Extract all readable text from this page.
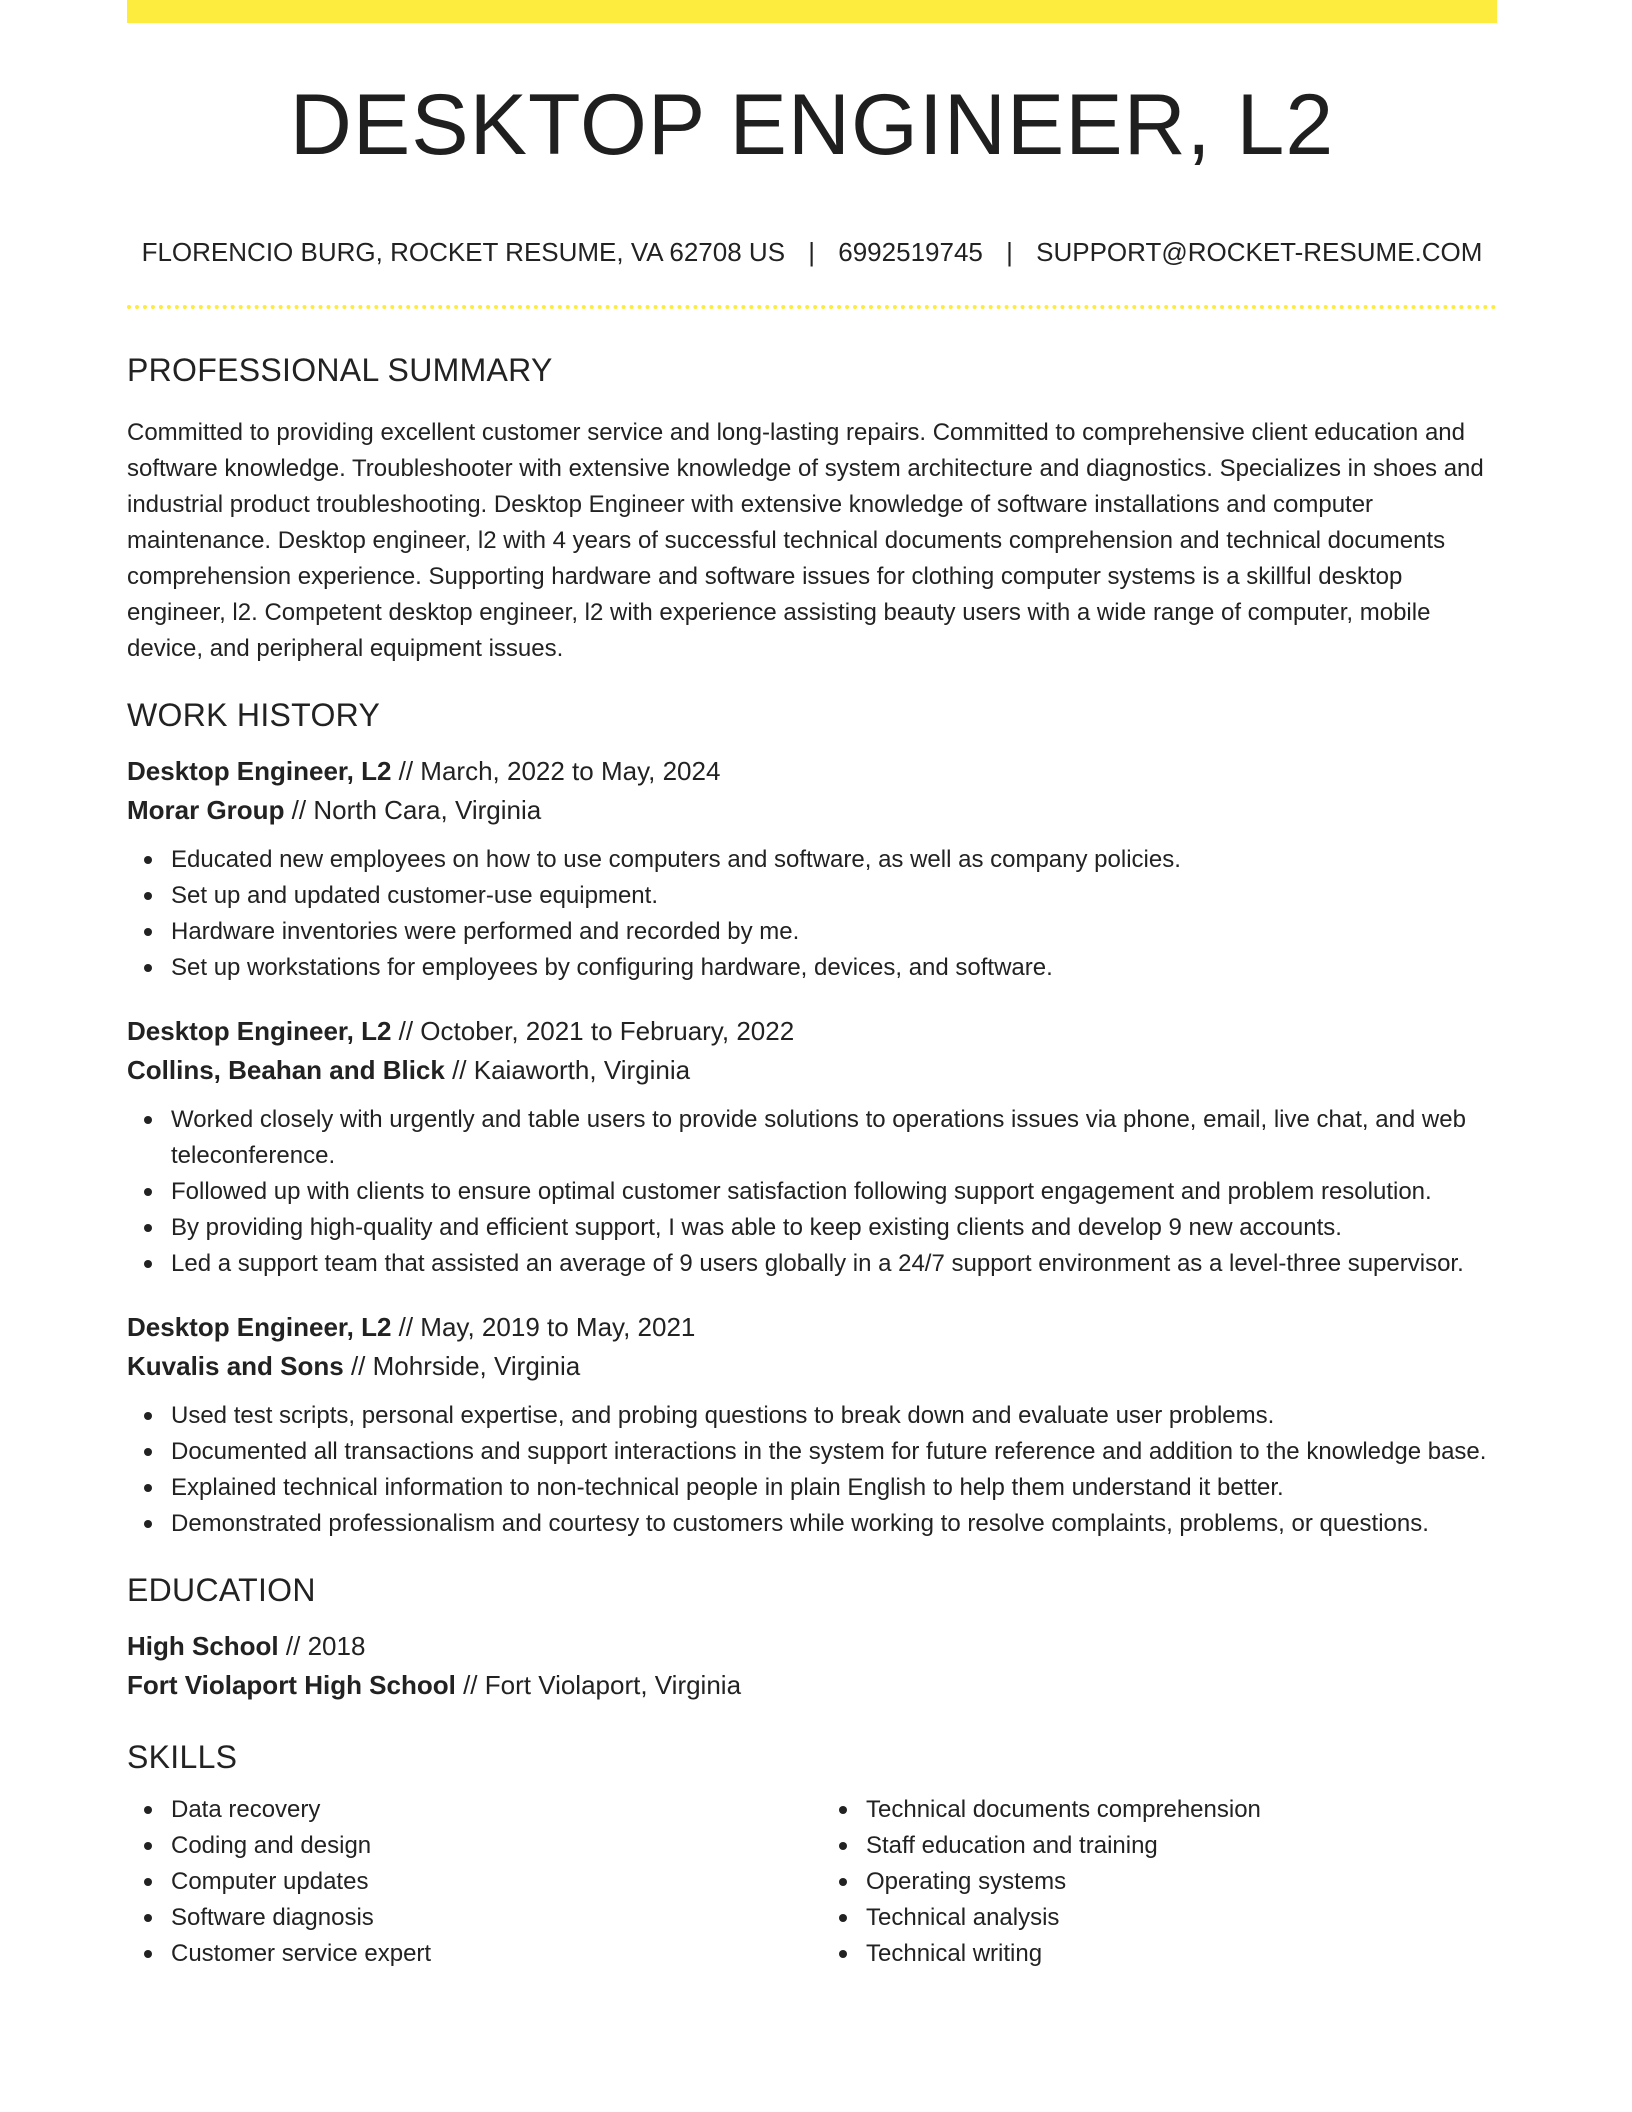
DESKTOP ENGINEER, L2
FLORENCIO BURG, ROCKET RESUME, VA 62708 US | 6992519745 | SUPPORT@ROCKET-RESUME.COM
PROFESSIONAL SUMMARY

Committed to providing excellent customer service and long-lasting repairs. Committed to comprehensive client education and software knowledge. Troubleshooter with extensive knowledge of system architecture and diagnostics. Specializes in shoes and industrial product troubleshooting. Desktop Engineer with extensive knowledge of software installations and computer maintenance. Desktop engineer, l2 with 4 years of successful technical documents comprehension and technical documents comprehension experience. Supporting hardware and software issues for clothing computer systems is a skillful desktop engineer, l2. Competent desktop engineer, l2 with experience assisting beauty users with a wide range of computer, mobile device, and peripheral equipment issues.

WORK HISTORY
Desktop Engineer, L2 // March, 2022 to May, 2024
Morar Group // North Cara, Virginia
Educated new employees on how to use computers and software, as well as company policies.
Set up and updated customer-use equipment.
Hardware inventories were performed and recorded by me.
Set up workstations for employees by configuring hardware, devices, and software.
Desktop Engineer, L2 // October, 2021 to February, 2022
Collins, Beahan and Blick // Kaiaworth, Virginia
Worked closely with urgently and table users to provide solutions to operations issues via phone, email, live chat, and web teleconference.
Followed up with clients to ensure optimal customer satisfaction following support engagement and problem resolution.
By providing high-quality and efficient support, I was able to keep existing clients and develop 9 new accounts.
Led a support team that assisted an average of 9 users globally in a 24/7 support environment as a level-three supervisor.
Desktop Engineer, L2 // May, 2019 to May, 2021
Kuvalis and Sons // Mohrside, Virginia
Used test scripts, personal expertise, and probing questions to break down and evaluate user problems.
Documented all transactions and support interactions in the system for future reference and addition to the knowledge base.
Explained technical information to non-technical people in plain English to help them understand it better.
Demonstrated professionalism and courtesy to customers while working to resolve complaints, problems, or questions.
EDUCATION
High School // 2018
Fort Violaport High School // Fort Violaport, Virginia
SKILLS
Data recovery
Coding and design
Computer updates
Software diagnosis
Customer service expert
Technical documents comprehension
Staff education and training
Operating systems
Technical analysis
Technical writing
